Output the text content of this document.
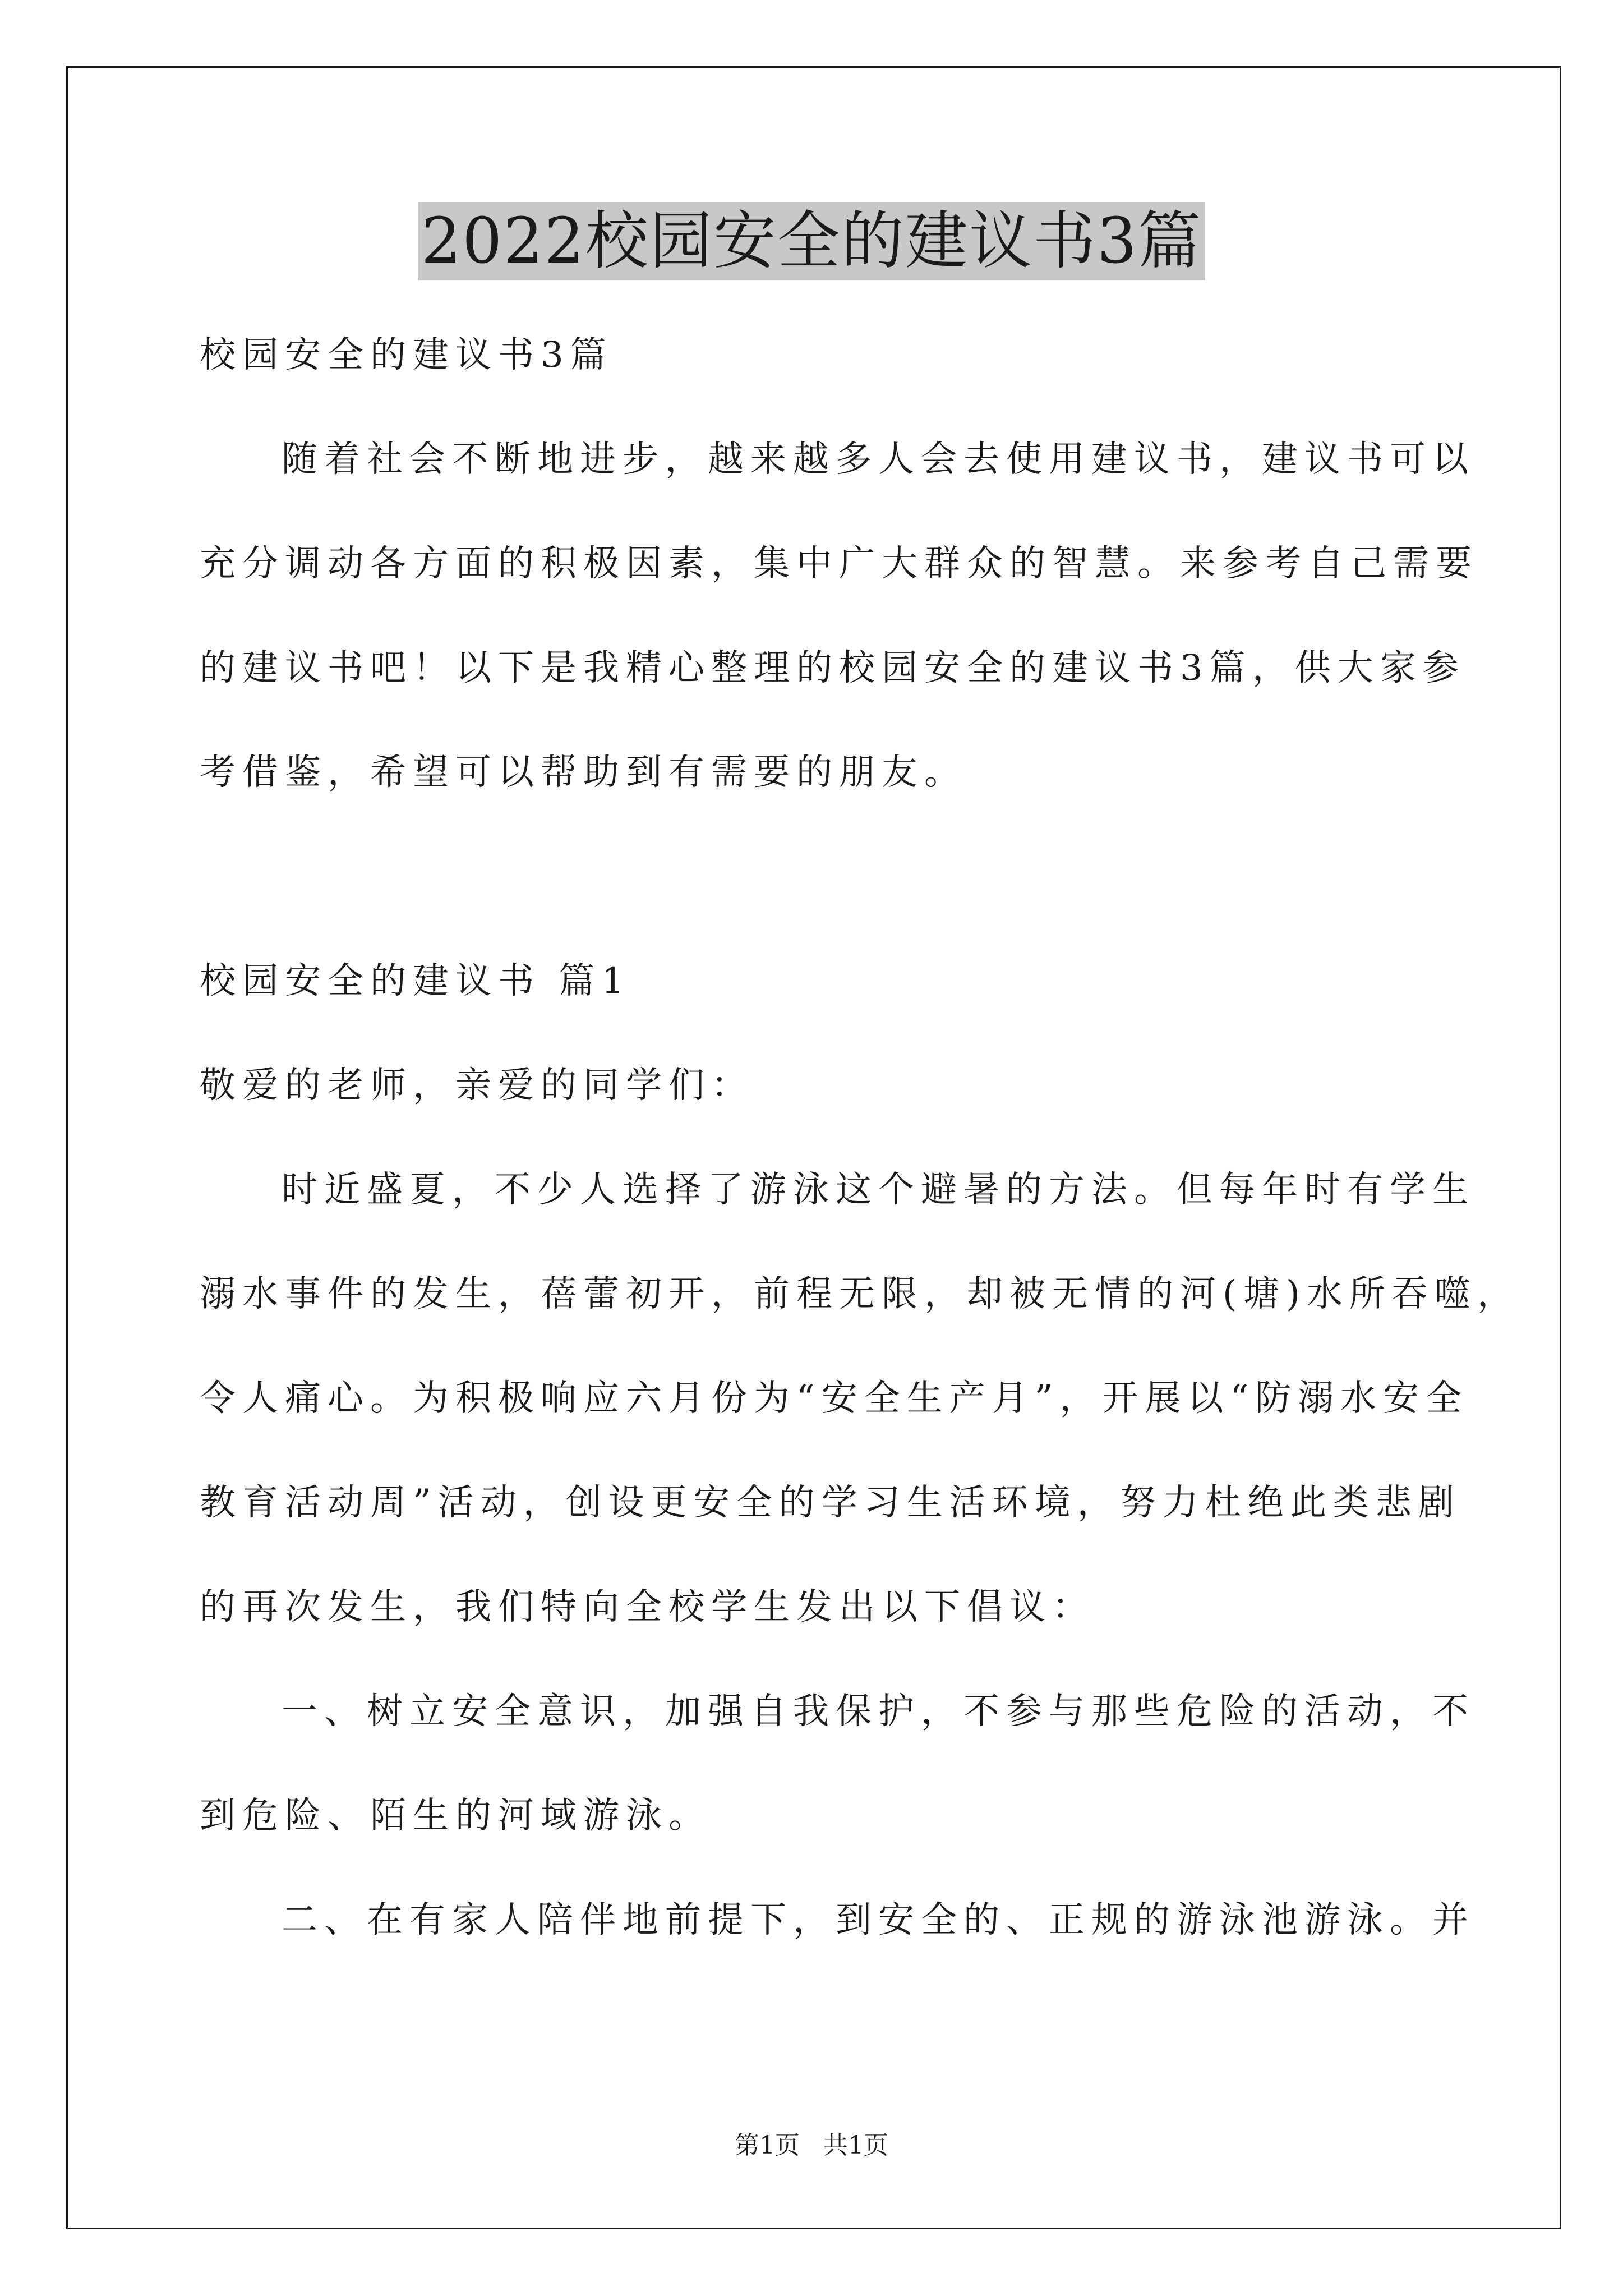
2022校园安全的建议书3篇
校园安全的建议书3篇
随着社会不断地进步，越来越多人会去使用建议书，建议书可以
充分调动各方面的积极因素，集中广大群众的智慧。来参考自己需要
的建议书吧！以下是我精心整理的校园安全的建议书3篇，供大家参
考借鉴，希望可以帮助到有需要的朋友。
校园安全的建议书 篇1
敬爱的老师，亲爱的同学们：
时近盛夏，不少人选择了游泳这个避暑的方法。但每年时有学生
溺水事件的发生，蓓蕾初开，前程无限，却被无情的河(塘)水所吞噬，
令人痛心。为积极响应六月份为“安全生产月”，开展以“防溺水安全
教育活动周”活动，创设更安全的学习生活环境，努力杜绝此类悲剧
的再次发生，我们特向全校学生发出以下倡议：
一、树立安全意识，加强自我保护，不参与那些危险的活动，不
到危险、陌生的河域游泳。
二、在有家人陪伴地前提下，到安全的、正规的游泳池游泳。并
第1页   共1页
